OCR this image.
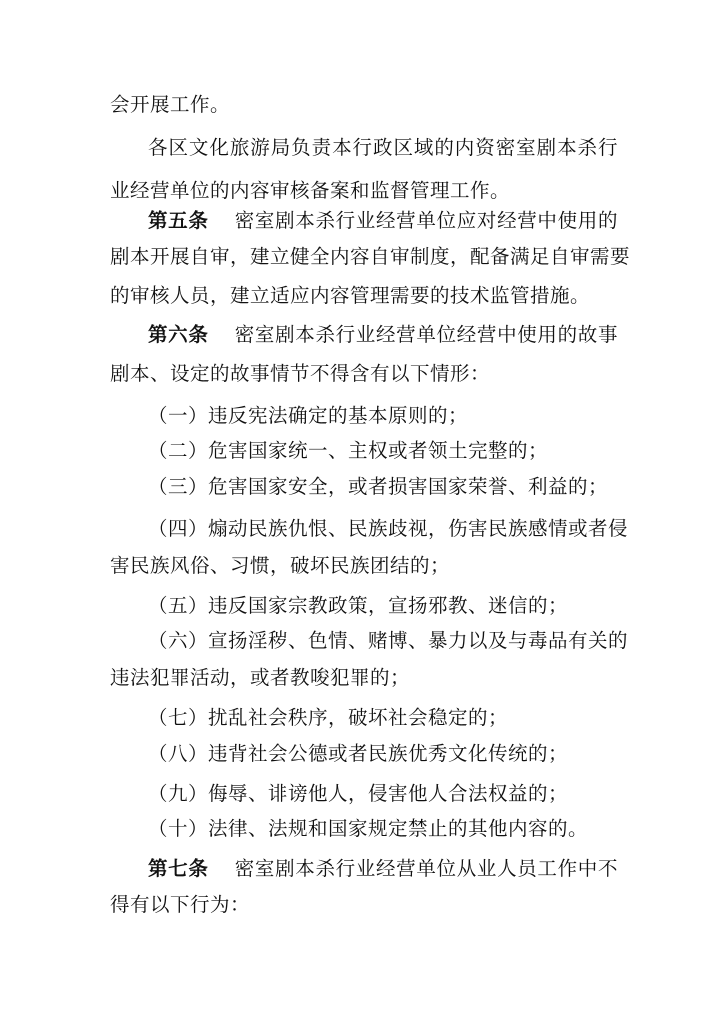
会开展工作。
各区文化旅游局负责本行政区域的内资密室剧本杀行
业经营单位的内容审核备案和监督管理工作。
第五条 密室剧本杀行业经营单位应对经营中使用的
剧本开展自审，建立健全内容自审制度，配备满足自审需要
的审核人员，建立适应内容管理需要的技术监管措施。
第六条 密室剧本杀行业经营单位经营中使用的故事
剧本、设定的故事情节不得含有以下情形：
（一）违反宪法确定的基本原则的；
（二）危害国家统一、主权或者领土完整的；
（三）危害国家安全，或者损害国家荣誉、利益的；
（四）煽动民族仇恨、民族歧视，伤害民族感情或者侵
害民族风俗、习惯，破坏民族团结的；
（五）违反国家宗教政策，宣扬邪教、迷信的；
（六）宣扬淫秽、色情、赌博、暴力以及与毒品有关的
违法犯罪活动，或者教唆犯罪的；
（七）扰乱社会秩序，破坏社会稳定的；
（八）违背社会公德或者民族优秀文化传统的；
（九）侮辱、诽谤他人，侵害他人合法权益的；
（十）法律、法规和国家规定禁止的其他内容的。
第七条 密室剧本杀行业经营单位从业人员工作中不
得有以下行为：
